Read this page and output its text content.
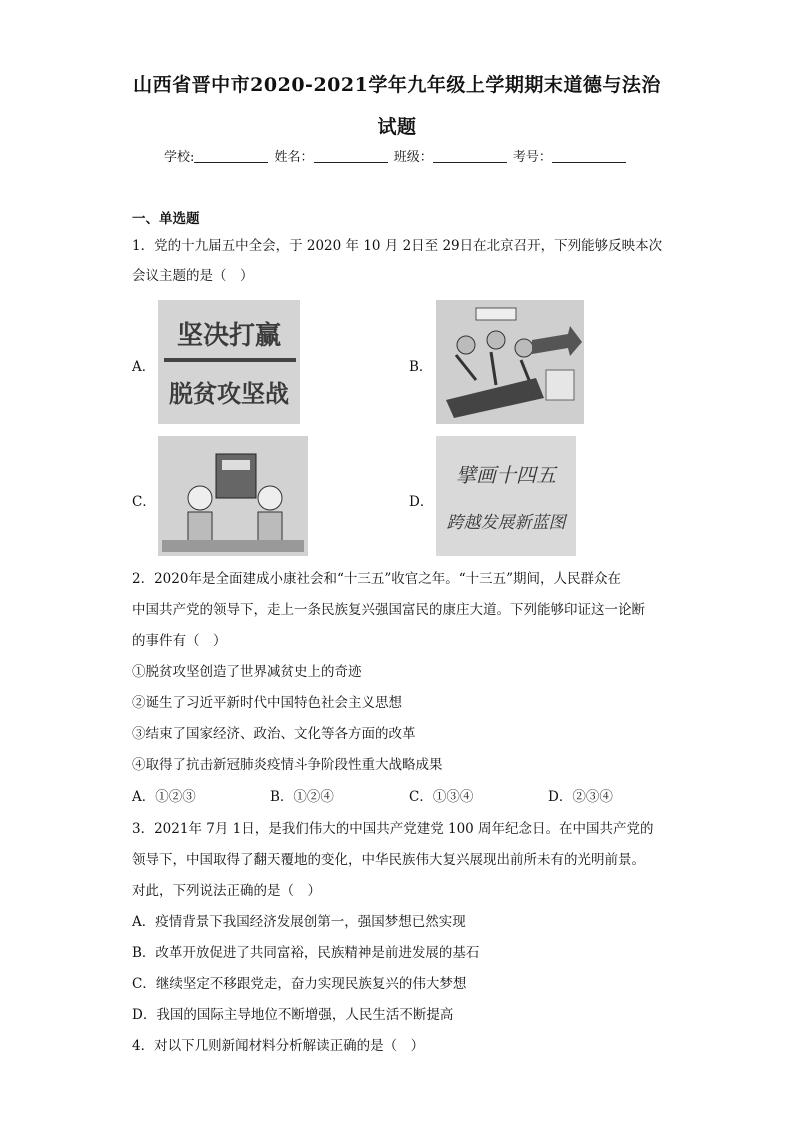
山西省晋中市2020-2021学年九年级上学期期末道德与法治
试题
学校:	姓名：	班级：	考号：
一、单选题
1．党的十九届五中全会，于 2020 年 10 月 2日至 29日在北京召开，下列能够反映本次
会议主题的是（　）
A．
坚决打赢
脱贫攻坚战
B．
C．	D．
擘画十四五
跨越发展新蓝图
2．2020年是全面建成小康社会和“十三五”收官之年。“十三五”期间，人民群众在
中国共产党的领导下，走上一条民族复兴强国富民的康庄大道。下列能够印证这一论断
的事件有（　）
①脱贫攻坚创造了世界减贫史上的奇迹
②诞生了习近平新时代中国特色社会主义思想
③结束了国家经济、政治、文化等各方面的改革
④取得了抗击新冠肺炎疫情斗争阶段性重大战略成果
A．①②③	B．①②④	C．①③④	D．②③④
3．2021年 7月 1日，是我们伟大的中国共产党建党 100 周年纪念日。在中国共产党的
领导下，中国取得了翻天覆地的变化，中华民族伟大复兴展现出前所未有的光明前景。
对此，下列说法正确的是（　）
A．疫情背景下我国经济发展创第一，强国梦想已然实现
B．改革开放促进了共同富裕，民族精神是前进发展的基石
C．继续坚定不移跟党走，奋力实现民族复兴的伟大梦想
D．我国的国际主导地位不断增强，人民生活不断提高
4．对以下几则新闻材料分析解读正确的是（　）
